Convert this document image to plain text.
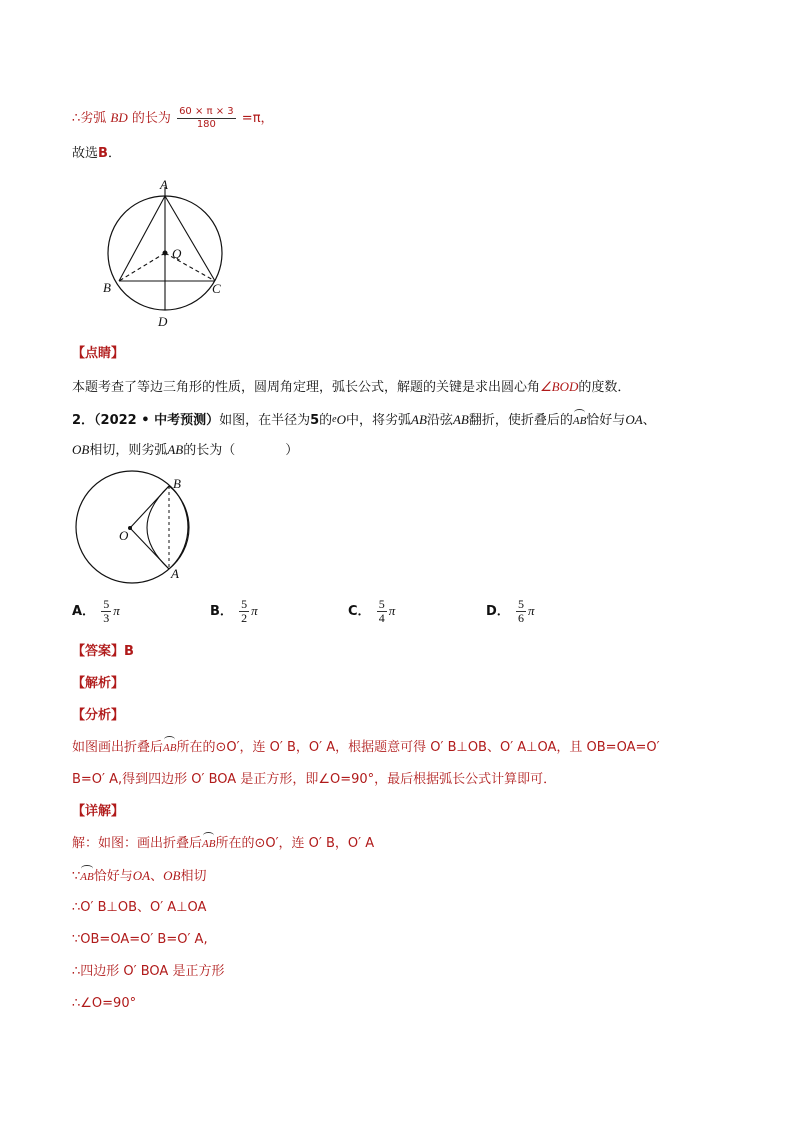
∴劣弧 BD 的长为 $\frac{60 \times \pi \times 3}{180} =\pi$，
故选B．
A
Q
B	C
D
【点睛】
本题考查了等边三角形的性质，圆周角定理，弧长公式，解题的关键是求出圆心角∠BOD的度数．
2．（2022 • 中考预测）如图，在半径为5的eO中，将劣弧AB沿弦AB翻折，使折叠后的AB恰好与OA、
OB相切，则劣弧AB的长为（	）
B
O
A
A． $\frac{5}{3}$ π	B． $\frac{5}{2}$ π	C． $\frac{5}{4}$ π	D． $\frac{5}{6}$ π
【答案】B
【解析】
【分析】
如图画出折叠后AB所在的⊙O′，连 O′ B，O′ A，根据题意可得 O′ B⊥OB、O′ A⊥OA，且 OB=OA=O′
B=O′ A,得到四边形 O′ BOA 是正方形，即∠O=90°，最后根据弧长公式计算即可．
【详解】
解：如图：画出折叠后AB所在的⊙O′，连 O′ B，O′ A
∵AB恰好与OA、OB相切
∴O′ B⊥OB、O′ A⊥OA
∵OB=OA=O′ B=O′ A,
∴四边形 O′ BOA 是正方形
∴∠O=90°
